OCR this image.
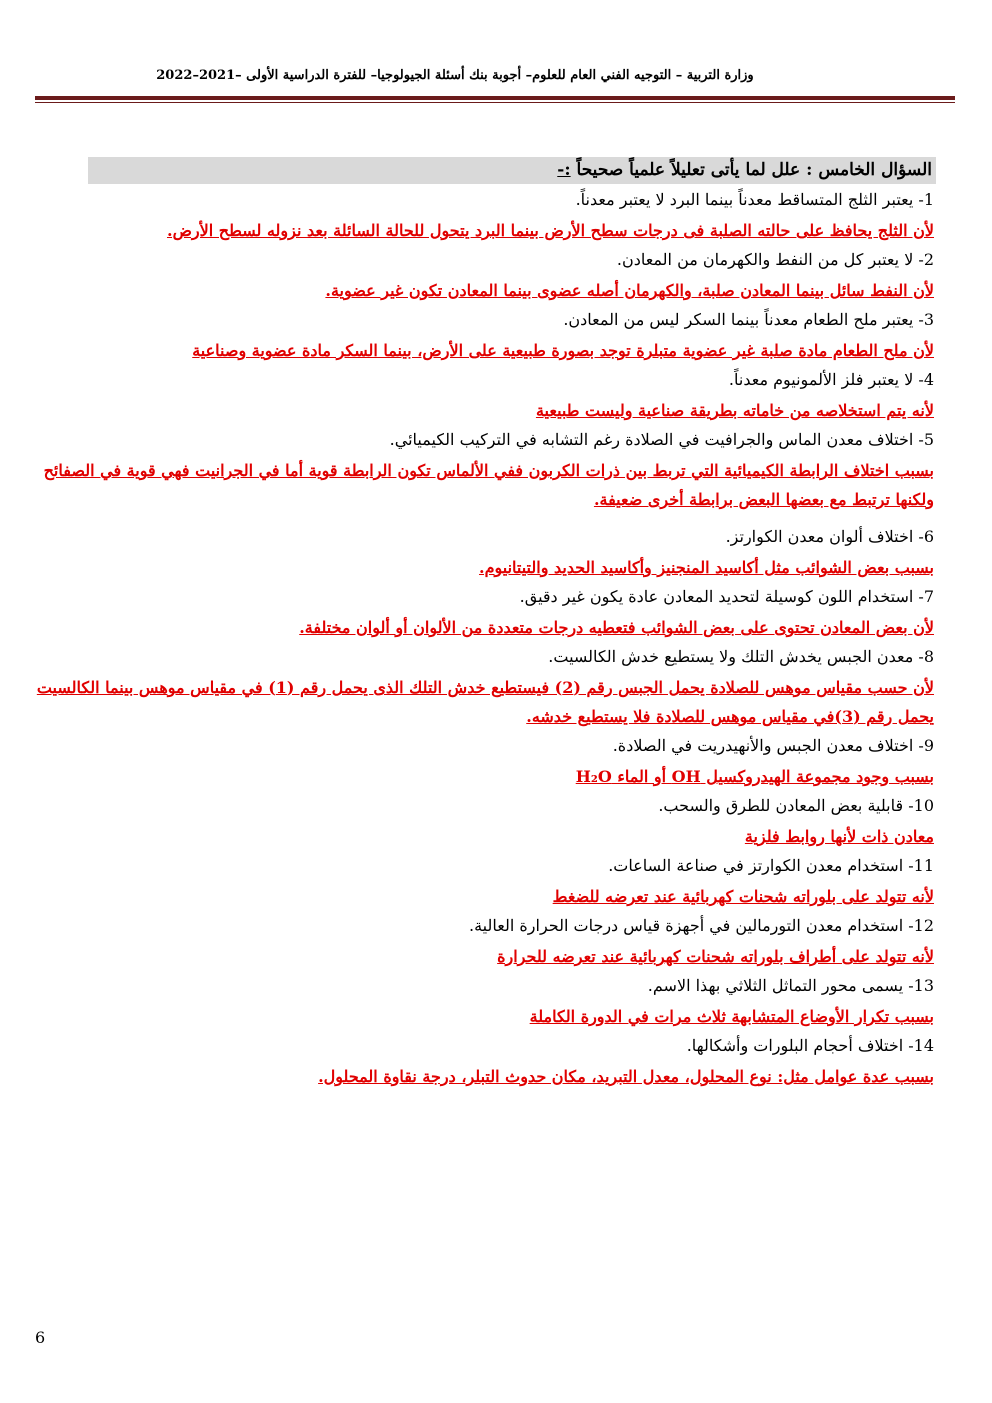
وزارة التربية – التوجيه الفني العام للعلوم– أجوبة بنك أسئلة الجيولوجيا– للفترة الدراسية الأولى –2021–2022
السؤال الخامس : علل لما يأتى تعليلاً علمياً صحيحاً :-

1- يعتبر الثلج المتساقط معدناً بينما البرد لا يعتبر معدناً.

لأن الثلج يحافظ على حالته الصلبة فى درجات سطح الأرض بينما البرد يتحول للحالة السائلة بعد نزوله لسطح الأرض.

2- لا يعتبر كل من النفط والكهرمان من المعادن.

لأن النفط سائل بينما المعادن صلبة، والكهرمان أصله عضوى بينما المعادن تكون غير عضوية.

3- يعتبر ملح الطعام معدناً بينما السكر ليس من المعادن.

لأن ملح الطعام مادة صلبة غير عضوية متبلرة توجد بصورة طبيعية على الأرض، بينما السكر مادة عضوية وصناعية

4- لا يعتبر فلز الألمونيوم معدناً.

لأنه يتم استخلاصه من خاماته بطريقة صناعية وليست طبيعية

5- اختلاف معدن الماس والجرافيت في الصلادة رغم التشابه في التركيب الكيميائي.

بسبب اختلاف الرابطة الكيميائية التي تربط بين ذرات الكربون ففي الألماس تكون الرابطة قوية أما في الجرانيت فهي قوية في الصفائح ولكنها ترتبط مع بعضها البعض برابطة أخرى ضعيفة.

6- اختلاف ألوان معدن الكوارتز.

بسبب بعض الشوائب مثل أكاسيد المنجنيز وأكاسيد الحديد والتيتانيوم.

7- استخدام اللون كوسيلة لتحديد المعادن عادة يكون غير دقيق.

لأن بعض المعادن تحتوى على بعض الشوائب فتعطيه درجات متعددة من الألوان أو ألوان مختلفة.

8- معدن الجبس يخدش التلك ولا يستطيع خدش الكالسيت.

لأن حسب مقياس موهس للصلادة يحمل الجبس رقم (2) فيستطيع خدش التلك الذى يحمل رقم (1) في مقياس موهس بينما الكالسيت يحمل رقم (3)في مقياس موهس للصلادة فلا يستطيع خدشه.

9- اختلاف معدن الجبس والأنهيدريت في الصلادة.

بسبب وجود مجموعة الهيدروكسيل OH أو الماء H₂O

10- قابلية بعض المعادن للطرق والسحب.

معادن ذات لأنها روابط فلزية

11- استخدام معدن الكوارتز في صناعة الساعات.

لأنه تتولد على بلوراته شحنات كهربائية عند تعرضه للضغط

12- استخدام معدن التورمالين في أجهزة قياس درجات الحرارة العالية.

لأنه تتولد على أطراف بلوراته شحنات كهربائية عند تعرضه للحرارة

13- يسمى محور التماثل الثلاثي بهذا الاسم.

بسبب تكرار الأوضاع المتشابهة ثلاث مرات في الدورة الكاملة

14- اختلاف أحجام البلورات وأشكالها.

بسبب عدة عوامل مثل: نوع المحلول، معدل التبريد، مكان حدوث التبلر، درجة نقاوة المحلول.

6
